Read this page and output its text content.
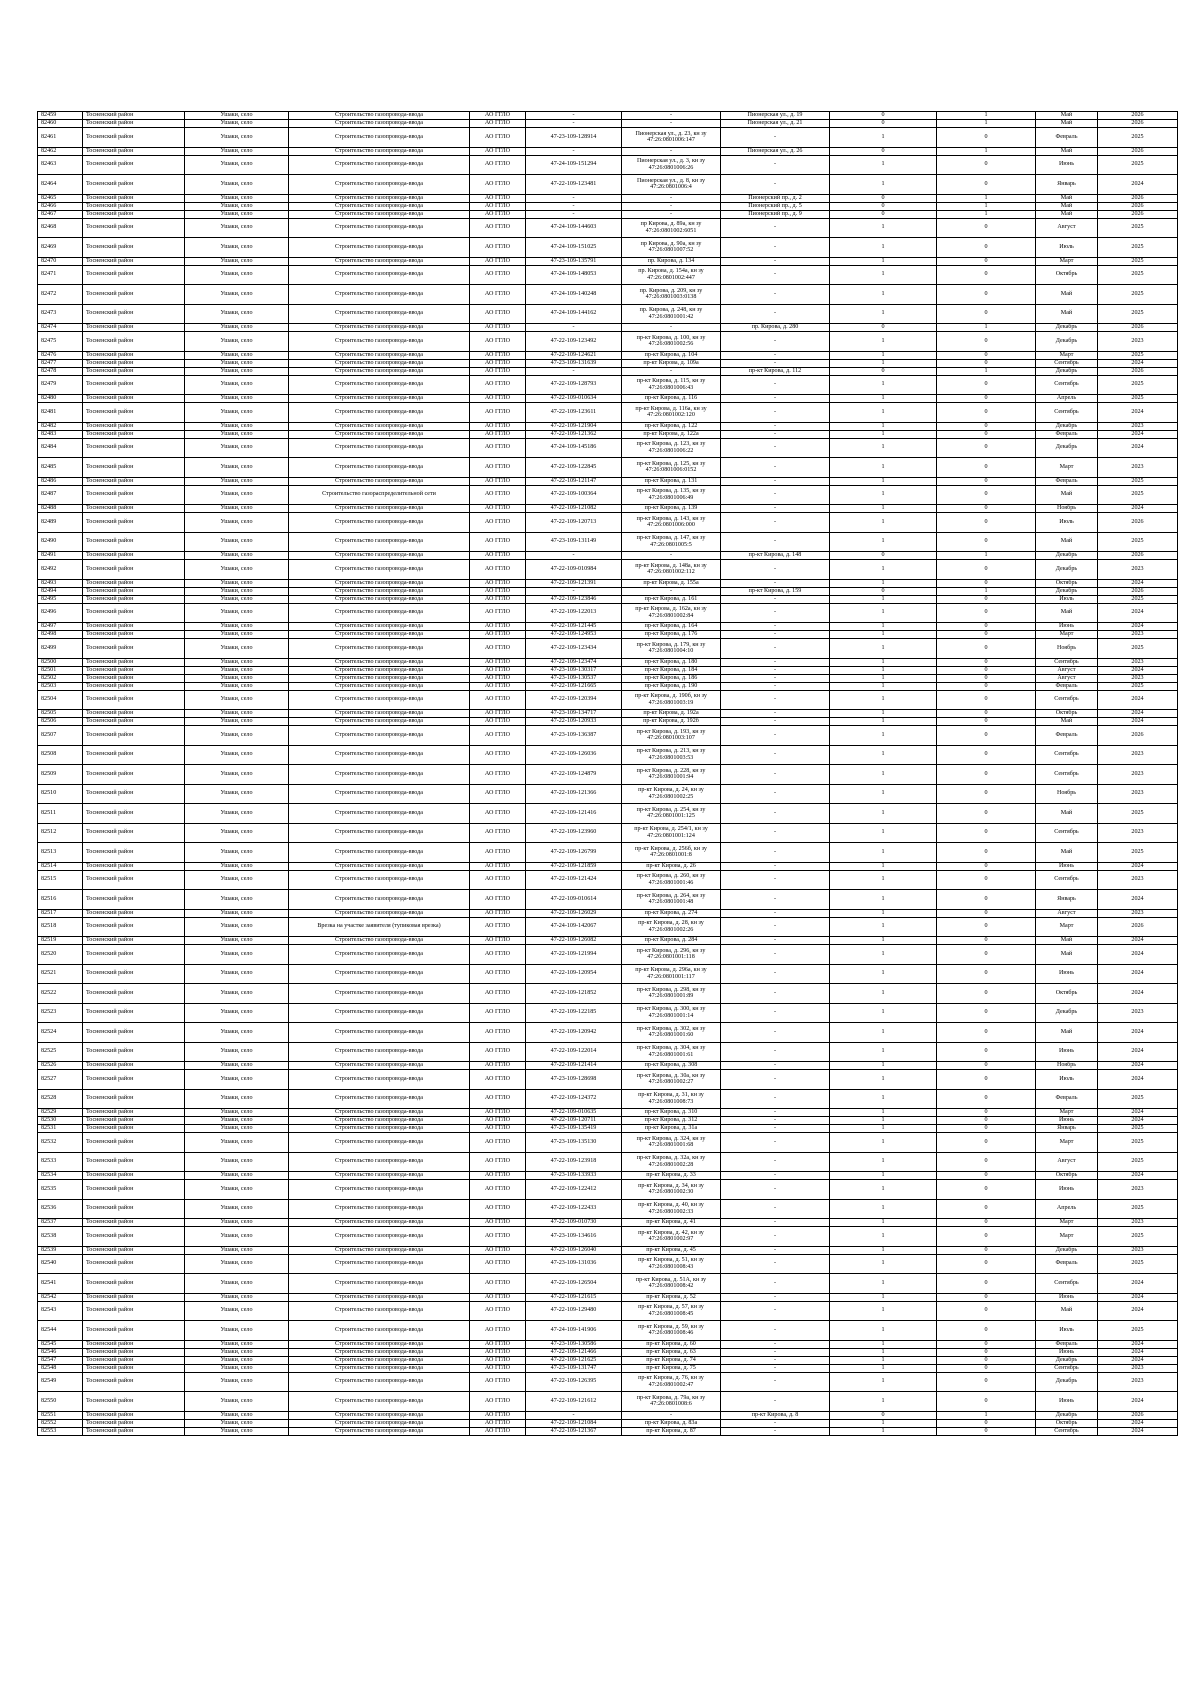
82459	Тосненский район	Ушаки, село	Строительство газопровода-ввода	АО ГГЛО	-	-	Пионерская ул., д. 19	0	1	Май	2026
82460	Тосненский район	Ушаки, село	Строительство газопровода-ввода	АО ГГЛО	-	-	Пионерская ул., д. 21	0	1	Май	2026
82461	Тосненский район	Ушаки, село	Строительство газопровода-ввода	АО ГГЛО	47-23-109-128914	Пионерская ул., д. 23, кн зу 47:26:0801006:147	-	1	0	Февраль	2025
82462	Тосненский район	Ушаки, село	Строительство газопровода-ввода	АО ГГЛО	-	-	Пионерская ул., д. 26	0	1	Май	2026
82463	Тосненский район	Ушаки, село	Строительство газопровода-ввода	АО ГГЛО	47-24-109-151294	Пионерская ул., д. 3, кн зу 47:26:0801006:26	-	1	0	Июнь	2025
82464	Тосненский район	Ушаки, село	Строительство газопровода-ввода	АО ГГЛО	47-22-109-123481	Пионерская ул., д. 8, кн зу 47:26:0801006:4	-	1	0	Январь	2024
82465	Тосненский район	Ушаки, село	Строительство газопровода-ввода	АО ГГЛО	-	-	Пионерский пр., д. 2	0	1	Май	2026
82466	Тосненский район	Ушаки, село	Строительство газопровода-ввода	АО ГГЛО	-	-	Пионерский пр., д. 5	0	1	Май	2026
82467	Тосненский район	Ушаки, село	Строительство газопровода-ввода	АО ГГЛО	-	-	Пионерский пр., д. 9	0	1	Май	2026
82468	Тосненский район	Ушаки, село	Строительство газопровода-ввода	АО ГГЛО	47-24-109-144603	пр Кирова, д. 89а, кн зу 47:26:0801002:6051	-	1	0	Август	2025
82469	Тосненский район	Ушаки, село	Строительство газопровода-ввода	АО ГГЛО	47-24-109-151025	пр Кирова, д. 90а, кн зу 47:26:0801007:52	-	1	0	Июль	2025
82470	Тосненский район	Ушаки, село	Строительство газопровода-ввода	АО ГГЛО	47-23-109-135791	пр. Кирова, д. 134	-	1	0	Март	2025
82471	Тосненский район	Ушаки, село	Строительство газопровода-ввода	АО ГГЛО	47-24-109-148053	пр. Кирова, д. 154а, кн зу 47:26:0801002:447	-	1	0	Октябрь	2025
82472	Тосненский район	Ушаки, село	Строительство газопровода-ввода	АО ГГЛО	47-24-109-140248	пр. Кирова, д. 209, кн зу 47:26:0801003:0138	-	1	0	Май	2025
82473	Тосненский район	Ушаки, село	Строительство газопровода-ввода	АО ГГЛО	47-24-109-144162	пр. Кирова, д. 248, кн зу 47:26:0801001:42	-	1	0	Май	2025
82474	Тосненский район	Ушаки, село	Строительство газопровода-ввода	АО ГГЛО	-	-	пр. Кирова, д. 280	0	1	Декабрь	2026
82475	Тосненский район	Ушаки, село	Строительство газопровода-ввода	АО ГГЛО	47-22-109-123492	пр-кт Кирова, д. 100, кн зу 47:26:0801002:56	-	1	0	Декабрь	2023
82476	Тосненский район	Ушаки, село	Строительство газопровода-ввода	АО ГГЛО	47-22-109-124621	пр-кт Кирова, д. 104	-	1	0	Март	2025
82477	Тосненский район	Ушаки, село	Строительство газопровода-ввода	АО ГГЛО	47-23-109-131639	пр-кт Кирова, д. 109а	-	1	0	Сентябрь	2024
82478	Тосненский район	Ушаки, село	Строительство газопровода-ввода	АО ГГЛО	-	-	пр-кт Кирова, д. 112	0	1	Декабрь	2026
82479	Тосненский район	Ушаки, село	Строительство газопровода-ввода	АО ГГЛО	47-22-109-128793	пр-кт Кирова, д. 115, кн зу 47:26:0801006:43	-	1	0	Сентябрь	2025
82480	Тосненский район	Ушаки, село	Строительство газопровода-ввода	АО ГГЛО	47-22-109-010634	пр-кт Кирова, д. 116	-	1	0	Апрель	2025
82481	Тосненский район	Ушаки, село	Строительство газопровода-ввода	АО ГГЛО	47-22-109-123611	пр-кт Кирова, д. 116а, кн зу 47:26:0801002:120	-	1	0	Сентябрь	2024
82482	Тосненский район	Ушаки, село	Строительство газопровода-ввода	АО ГГЛО	47-22-109-121904	пр-кт Кирова, д. 122	-	1	0	Декабрь	2023
82483	Тосненский район	Ушаки, село	Строительство газопровода-ввода	АО ГГЛО	47-22-109-121362	пр-кт Кирова, д. 122а	-	1	0	Февраль	2024
82484	Тосненский район	Ушаки, село	Строительство газопровода-ввода	АО ГГЛО	47-24-109-145186	пр-кт Кирова, д. 123, кн зу 47:26:0801006:22	-	1	0	Декабрь	2024
82485	Тосненский район	Ушаки, село	Строительство газопровода-ввода	АО ГГЛО	47-22-109-122845	пр-кт Кирова, д. 125, кн зу 47:26:0801006:0152	-	1	0	Март	2023
82486	Тосненский район	Ушаки, село	Строительство газопровода-ввода	АО ГГЛО	47-22-109-121147	пр-кт Кирова, д. 131	-	1	0	Февраль	2025
82487	Тосненский район	Ушаки, село	Строительство газораспределительной сети	АО ГГЛО	47-22-109-100364	пр-кт Кирова, д. 135, кн зу 47:26:0801006:49	-	1	0	Май	2025
82488	Тосненский район	Ушаки, село	Строительство газопровода-ввода	АО ГГЛО	47-22-109-121082	пр-кт Кирова, д. 139	-	1	0	Ноябрь	2024
82489	Тосненский район	Ушаки, село	Строительство газопровода-ввода	АО ГГЛО	47-22-109-120713	пр-кт Кирова, д. 143, кн зу 47:26:0801006:000	-	1	0	Июль	2026
82490	Тосненский район	Ушаки, село	Строительство газопровода-ввода	АО ГГЛО	47-23-109-131149	пр-кт Кирова, д. 147, кн зу 47:26:0801005:5	-	1	0	Май	2025
82491	Тосненский район	Ушаки, село	Строительство газопровода-ввода	АО ГГЛО	-	-	пр-кт Кирова, д. 148	0	1	Декабрь	2026
82492	Тосненский район	Ушаки, село	Строительство газопровода-ввода	АО ГГЛО	47-22-109-010984	пр-кт Кирова, д. 148а, кн зу 47:26:0801002:112	-	1	0	Декабрь	2023
82493	Тосненский район	Ушаки, село	Строительство газопровода-ввода	АО ГГЛО	47-22-109-121391	пр-кт Кирова, д. 155а	-	1	0	Октябрь	2024
82494	Тосненский район	Ушаки, село	Строительство газопровода-ввода	АО ГГЛО	-	-	пр-кт Кирова, д. 159	0	1	Декабрь	2026
82495	Тосненский район	Ушаки, село	Строительство газопровода-ввода	АО ГГЛО	47-22-109-123846	пр-кт Кирова, д. 161	-	1	0	Июль	2025
82496	Тосненский район	Ушаки, село	Строительство газопровода-ввода	АО ГГЛО	47-22-109-122013	пр-кт Кирова, д. 162а, кн зу 47:26:0801002:84	-	1	0	Май	2024
82497	Тосненский район	Ушаки, село	Строительство газопровода-ввода	АО ГГЛО	47-22-109-121445	пр-кт Кирова, д. 164	-	1	0	Июнь	2024
82498	Тосненский район	Ушаки, село	Строительство газопровода-ввода	АО ГГЛО	47-22-109-124953	пр-кт Кирова, д. 176	-	1	0	Март	2023
82499	Тосненский район	Ушаки, село	Строительство газопровода-ввода	АО ГГЛО	47-22-109-123434	пр-кт Кирова, д. 179, кн зу 47:26:0801004:10	-	1	0	Ноябрь	2025
82500	Тосненский район	Ушаки, село	Строительство газопровода-ввода	АО ГГЛО	47-22-109-123474	пр-кт Кирова, д. 180	-	1	0	Сентябрь	2023
82501	Тосненский район	Ушаки, село	Строительство газопровода-ввода	АО ГГЛО	47-23-109-130317	пр-кт Кирова, д. 184	-	1	0	Август	2024
82502	Тосненский район	Ушаки, село	Строительство газопровода-ввода	АО ГГЛО	47-23-109-130537	пр-кт Кирова, д. 186	-	1	0	Август	2023
82503	Тосненский район	Ушаки, село	Строительство газопровода-ввода	АО ГГЛО	47-22-109-121665	пр-кт Кирова, д. 190	-	1	0	Февраль	2025
82504	Тосненский район	Ушаки, село	Строительство газопровода-ввода	АО ГГЛО	47-22-109-120394	пр-кт Кирова, д. 190б, кн зу 47:26:0801003:19	-	1	0	Сентябрь	2024
82505	Тосненский район	Ушаки, село	Строительство газопровода-ввода	АО ГГЛО	47-23-109-134717	пр-кт Кирова, д. 192а	-	1	0	Октябрь	2024
82506	Тосненский район	Ушаки, село	Строительство газопровода-ввода	АО ГГЛО	47-22-109-120933	пр-кт Кирова, д. 192б	-	1	0	Май	2024
82507	Тосненский район	Ушаки, село	Строительство газопровода-ввода	АО ГГЛО	47-23-109-136387	пр-кт Кирова, д. 193, кн зу 47:26:0801003:107	-	1	0	Февраль	2026
82508	Тосненский район	Ушаки, село	Строительство газопровода-ввода	АО ГГЛО	47-22-109-126036	пр-кт Кирова, д. 213, кн зу 47:26:0801003:53	-	1	0	Сентябрь	2023
82509	Тосненский район	Ушаки, село	Строительство газопровода-ввода	АО ГГЛО	47-22-109-124879	пр-кт Кирова, д. 228, кн зу 47:26:0801001:94	-	1	0	Сентябрь	2023
82510	Тосненский район	Ушаки, село	Строительство газопровода-ввода	АО ГГЛО	47-22-109-121366	пр-кт Кирова, д. 24, кн зу 47:26:0801002:25	-	1	0	Ноябрь	2023
82511	Тосненский район	Ушаки, село	Строительство газопровода-ввода	АО ГГЛО	47-22-109-121416	пр-кт Кирова, д. 254, кн зу 47:26:0801001:125	-	1	0	Май	2025
82512	Тосненский район	Ушаки, село	Строительство газопровода-ввода	АО ГГЛО	47-22-109-123960	пр-кт Кирова, д. 254/1, кн зу 47:26:0801001:124	-	1	0	Сентябрь	2023
82513	Тосненский район	Ушаки, село	Строительство газопровода-ввода	АО ГГЛО	47-22-109-126799	пр-кт Кирова, д. 256б, кн зу 47:26:0801001:8	-	1	0	Май	2025
82514	Тосненский район	Ушаки, село	Строительство газопровода-ввода	АО ГГЛО	47-22-109-121859	пр-кт Кирова, д. 26	-	1	0	Июнь	2024
82515	Тосненский район	Ушаки, село	Строительство газопровода-ввода	АО ГГЛО	47-22-109-121424	пр-кт Кирова, д. 260, кн зу 47:26:0801001:46	-	1	0	Сентябрь	2023
82516	Тосненский район	Ушаки, село	Строительство газопровода-ввода	АО ГГЛО	47-22-109-010614	пр-кт Кирова, д. 264, кн зу 47:26:0801001:48	-	1	0	Январь	2024
82517	Тосненский район	Ушаки, село	Строительство газопровода-ввода	АО ГГЛО	47-22-109-126029	пр-кт Кирова, д. 274	-	1	0	Август	2023
82518	Тосненский район	Ушаки, село	Врезка на участке заявителя (тупиковая врезка)	АО ГГЛО	47-24-109-142067	пр-кт Кирова, д. 28, кн зу 47:26:0801002:26	-	1	0	Март	2026
82519	Тосненский район	Ушаки, село	Строительство газопровода-ввода	АО ГГЛО	47-22-109-126082	пр-кт Кирова, д. 284	-	1	0	Май	2024
82520	Тосненский район	Ушаки, село	Строительство газопровода-ввода	АО ГГЛО	47-22-109-121994	пр-кт Кирова, д. 296, кн зу 47:26:0801001:118	-	1	0	Май	2024
82521	Тосненский район	Ушаки, село	Строительство газопровода-ввода	АО ГГЛО	47-22-109-120954	пр-кт Кирова, д. 296а, кн зу 47:26:0801001:117	-	1	0	Июнь	2024
82522	Тосненский район	Ушаки, село	Строительство газопровода-ввода	АО ГГЛО	47-22-109-121852	пр-кт Кирова, д. 298, кн зу 47:26:0801001:89	-	1	0	Октябрь	2024
82523	Тосненский район	Ушаки, село	Строительство газопровода-ввода	АО ГГЛО	47-22-109-122185	пр-кт Кирова, д. 300, кн зу 47:26:0801001:14	-	1	0	Декабрь	2023
82524	Тосненский район	Ушаки, село	Строительство газопровода-ввода	АО ГГЛО	47-22-109-120942	пр-кт Кирова, д. 302, кн зу 47:26:0801001:60	-	1	0	Май	2024
82525	Тосненский район	Ушаки, село	Строительство газопровода-ввода	АО ГГЛО	47-22-109-122014	пр-кт Кирова, д. 304, кн зу 47:26:0801001:61	-	1	0	Июнь	2024
82526	Тосненский район	Ушаки, село	Строительство газопровода-ввода	АО ГГЛО	47-22-109-121414	пр-кт Кирова, д. 308	-	1	0	Ноябрь	2024
82527	Тосненский район	Ушаки, село	Строительство газопровода-ввода	АО ГГЛО	47-23-109-128698	пр-кт Кирова, д. 30а, кн зу 47:26:0801002:27	-	1	0	Июль	2024
82528	Тосненский район	Ушаки, село	Строительство газопровода-ввода	АО ГГЛО	47-22-109-124372	пр-кт Кирова, д. 31, кн зу 47:26:0801008:73	-	1	0	Февраль	2025
82529	Тосненский район	Ушаки, село	Строительство газопровода-ввода	АО ГГЛО	47-22-109-010635	пр-кт Кирова, д. 310	-	1	0	Март	2024
82530	Тосненский район	Ушаки, село	Строительство газопровода-ввода	АО ГГЛО	47-22-109-120711	пр-кт Кирова, д. 312	-	1	0	Июнь	2024
82531	Тосненский район	Ушаки, село	Строительство газопровода-ввода	АО ГГЛО	47-23-109-135419	пр-кт Кирова, д. 31а	-	1	0	Январь	2025
82532	Тосненский район	Ушаки, село	Строительство газопровода-ввода	АО ГГЛО	47-23-109-135130	пр-кт Кирова, д. 324, кн зу 47:26:0801001:68	-	1	0	Март	2025
82533	Тосненский район	Ушаки, село	Строительство газопровода-ввода	АО ГГЛО	47-22-109-123918	пр-кт Кирова, д. 32а, кн зу 47:26:0801002:28	-	1	0	Август	2025
82534	Тосненский район	Ушаки, село	Строительство газопровода-ввода	АО ГГЛО	47-23-109-133933	пр-кт Кирова, д. 33	-	1	0	Октябрь	2024
82535	Тосненский район	Ушаки, село	Строительство газопровода-ввода	АО ГГЛО	47-22-109-122412	пр-кт Кирова, д. 34, кн зу 47:26:0801002:30	-	1	0	Июнь	2023
82536	Тосненский район	Ушаки, село	Строительство газопровода-ввода	АО ГГЛО	47-22-109-122433	пр-кт Кирова, д. 40, кн зу 47:26:0801002:33	-	1	0	Апрель	2025
82537	Тосненский район	Ушаки, село	Строительство газопровода-ввода	АО ГГЛО	47-22-109-010730	пр-кт Кирова, д. 41	-	1	0	Март	2023
82538	Тосненский район	Ушаки, село	Строительство газопровода-ввода	АО ГГЛО	47-23-109-134616	пр-кт Кирова, д. 42, кн зу 47:26:0801002:97	-	1	0	Март	2025
82539	Тосненский район	Ушаки, село	Строительство газопровода-ввода	АО ГГЛО	47-22-109-126040	пр-кт Кирова, д. 45	-	1	0	Декабрь	2023
82540	Тосненский район	Ушаки, село	Строительство газопровода-ввода	АО ГГЛО	47-23-109-131036	пр-кт Кирова, д. 51, кн зу 47:26:0801008:43	-	1	0	Февраль	2025
82541	Тосненский район	Ушаки, село	Строительство газопровода-ввода	АО ГГЛО	47-22-109-126504	пр-кт Кирова, д. 51А, кн зу 47:26:0801008:42	-	1	0	Сентябрь	2024
82542	Тосненский район	Ушаки, село	Строительство газопровода-ввода	АО ГГЛО	47-22-109-121615	пр-кт Кирова, д. 52	-	1	0	Июнь	2024
82543	Тосненский район	Ушаки, село	Строительство газопровода-ввода	АО ГГЛО	47-22-109-129480	пр-кт Кирова, д. 57, кн зу 47:26:0801008:45	-	1	0	Май	2024
82544	Тосненский район	Ушаки, село	Строительство газопровода-ввода	АО ГГЛО	47-24-109-141906	пр-кт Кирова, д. 59, кн зу 47:26:0801008:46	-	1	0	Июль	2025
82545	Тосненский район	Ушаки, село	Строительство газопровода-ввода	АО ГГЛО	47-23-109-130586	пр-кт Кирова, д. 60	-	1	0	Февраль	2024
82546	Тосненский район	Ушаки, село	Строительство газопровода-ввода	АО ГГЛО	47-22-109-121466	пр-кт Кирова, д. 63	-	1	0	Июнь	2024
82547	Тосненский район	Ушаки, село	Строительство газопровода-ввода	АО ГГЛО	47-22-109-121625	пр-кт Кирова, д. 74	-	1	0	Декабрь	2024
82548	Тосненский район	Ушаки, село	Строительство газопровода-ввода	АО ГГЛО	47-23-109-131747	пр-кт Кирова, д. 75	-	1	0	Сентябрь	2023
82549	Тосненский район	Ушаки, село	Строительство газопровода-ввода	АО ГГЛО	47-22-109-126395	пр-кт Кирова, д. 76, кн зу 47:26:0801002:47	-	1	0	Декабрь	2023
82550	Тосненский район	Ушаки, село	Строительство газопровода-ввода	АО ГГЛО	47-22-109-121612	пр-кт Кирова, д. 79а, кн зу 47:26:0801008:6	-	1	0	Июнь	2024
82551	Тосненский район	Ушаки, село	Строительство газопровода-ввода	АО ГГЛО	-	-	пр-кт Кирова, д. 8	0	1	Декабрь	2026
82552	Тосненский район	Ушаки, село	Строительство газопровода-ввода	АО ГГЛО	47-22-109-121084	пр-кт Кирова, д. 83а	-	1	0	Октябрь	2024
82553	Тосненский район	Ушаки, село	Строительство газопровода-ввода	АО ГГЛО	47-22-109-121367	пр-кт Кирова, д. 87	-	1	0	Сентябрь	2024
